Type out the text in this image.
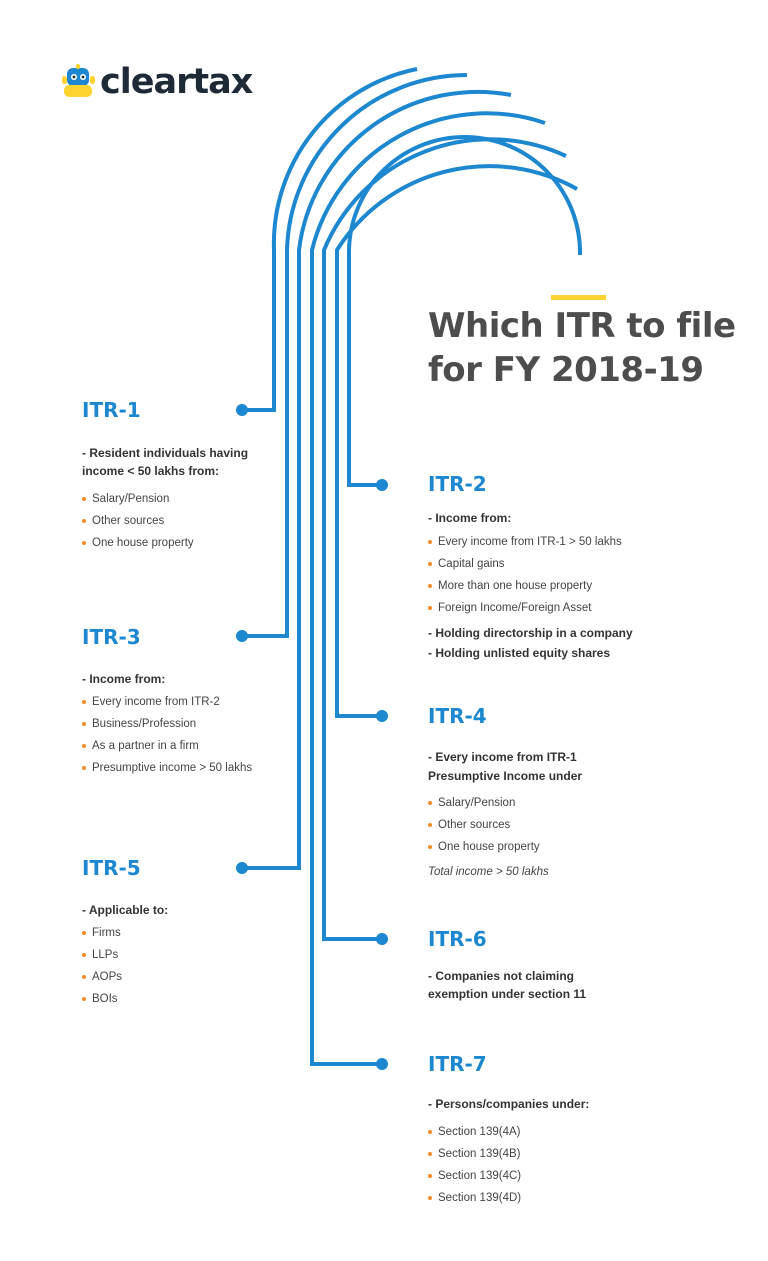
cleartax
Which ITR to file
for FY 2018-19
ITR-1

- Resident individuals having
income < 50 lakhs from:

Salary/Pension
Other sources
One house property
ITR-2

- Income from:

Every income from ITR-1 > 50 lakhs
Capital gains
More than one house property
Foreign Income/Foreign Asset

- Holding directorship in a company

- Holding unlisted equity shares

ITR-3

- Income from:

Every income from ITR-2
Business/Profession
As a partner in a firm
Presumptive income > 50 lakhs
ITR-4

- Every income from ITR-1
Presumptive Income under

Salary/Pension
Other sources
One house property

Total income > 50 lakhs

ITR-5

- Applicable to:

Firms
LLPs
AOPs
BOIs
ITR-6

- Companies not claiming
exemption under section 11

ITR-7

- Persons/companies under:

Section 139(4A)
Section 139(4B)
Section 139(4C)
Section 139(4D)
